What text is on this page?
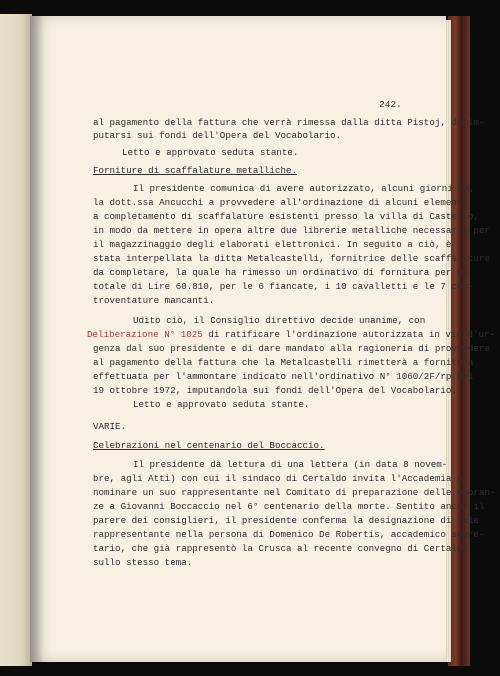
242.
al pagamento della fattura che verrà rimessa dalla ditta Pistoj, da im-
putarsi sui fondi dell'Opera del Vocabolario.
Letto e approvato seduta stante.
Forniture di scaffalature metalliche.
Il presidente comunica di avere autorizzato, alcuni giorni fa,
la dott.ssa Ancucchi a provvedere all'ordinazione di alcuni elementi
a completamento di scaffalature esistenti presso la villa di Castello,
in modo da mettere in opera altre due librerie metalliche necessarie per
il magazzinaggio degli elaborati elettronici. In seguito a ciò, è
stata interpellata la ditta Metalcastelli, fornitrice delle scaffalature
da completare, la quale ha rimesso un ordinativo di fornitura per un
totale di Lire 60.810, per le 6 fiancate, i 10 cavalletti e le 7 con-
troventature mancanti.
Udito ciò, il Consiglio direttivo decide unanime, con
Deliberazione N° 1025 di ratificare l'ordinazione autorizzata in via d'ur-
genza dal suo presidente e di dare mandato alla ragioneria di provvedere
al pagamento della fattura che la Metalcastelli rimetterà a fornitura
effettuata per l'ammontare indicato nell'ordinativo N° 1060/2F/rp del
19 ottobre 1972, imputandola sui fondi dell'Opera del Vocabolario.
Letto e approvato seduta stante.
VARIE.
Celebrazioni nel centenario del Boccaccio.
Il presidente dà lettura di una lettera (in data 8 novem-
bre, agli Atti) con cui il sindaco di Certaldo invita l'Accademia a
nominare un suo rappresentante nel Comitato di preparazione delle onoran-
ze a Giovanni Boccaccio nel 6° centenario della morte. Sentito anche il
parere dei consiglieri, il presidente conferma la designazione di tale
rappresentante nella persona di Domenico De Robertis, accademico segre-
tario, che già rappresentò la Crusca al recente convegno di Certaldo
sullo stesso tema.
